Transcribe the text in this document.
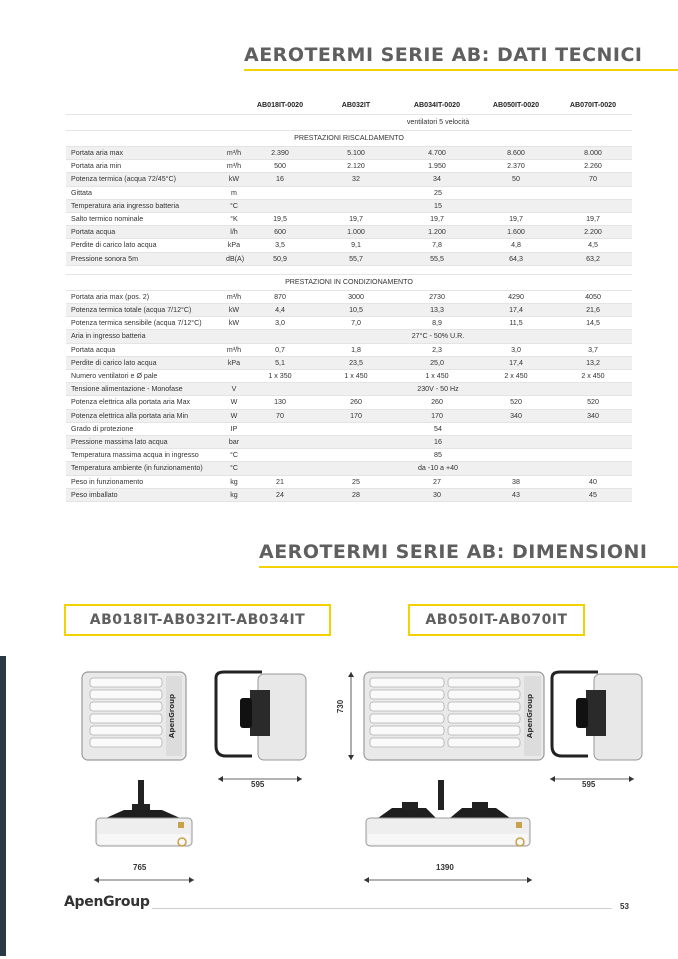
AEROTERMI SERIE AB: DATI TECNICI
		AB018IT-0020	AB032IT	AB034IT-0020	AB050IT-0020	AB070IT-0020
		ventilatori 5 velocità				
PRESTAZIONI RISCALDAMENTO						
Portata aria max	m³/h	2.390	5.100	4.700	8.600	8.000
Portata aria min	m³/h	500	2.120	1.950	2.370	2.260
Potenza termica (acqua 72/45°C)	kW	16	32	34	50	70
Gittata	m	25				
Temperatura aria ingresso batteria	°C	15				
Salto termico nominale	°K	19,5	19,7	19,7	19,7	19,7
Portata acqua	l/h	600	1.000	1.200	1.600	2.200
Perdite di carico lato acqua	kPa	3,5	9,1	7,8	4,8	4,5
Pressione sonora 5m	dB(A)	50,9	55,7	55,5	64,3	63,2

PRESTAZIONI IN CONDIZIONAMENTO						
Portata aria max (pos. 2)	m³/h	870	3000	2730	4290	4050
Potenza termica totale (acqua 7/12°C)	kW	4,4	10,5	13,3	17,4	21,6
Potenza termica sensibile (acqua 7/12°C)	kW	3,0	7,0	8,9	11,5	14,5
Aria in ingresso batteria		27°C - 50% U.R.				
Portata acqua	m³/h	0,7	1,8	2,3	3,0	3,7
Perdite di carico lato acqua	kPa	5,1	23,5	25,0	17,4	13,2
Numero ventilatori e Ø pale		1 x 350	1 x 450	1 x 450	2 x 450	2 x 450
Tensione alimentazione - Monofase	V	230V - 50 Hz				
Potenza elettrica alla portata aria Max	W	130	260	260	520	520
Potenza elettrica alla portata aria Min	W	70	170	170	340	340
Grado di protezione	IP	54				
Pressione massima lato acqua	bar	16				
Temperatura massima acqua in ingresso	°C	85				
Temperatura ambiente (in funzionamento)	°C	da -10 a +40				
Peso in funzionamento	kg	21	25	27	38	40
Peso imballato	kg	24	28	30	43	45
AEROTERMI SERIE AB: DIMENSIONI
AB018IT-AB032IT-AB034IT	AB050IT-AB070IT
ApenGroup
595
765
730	ApenGroup
595
1390
ApenGroup	53
